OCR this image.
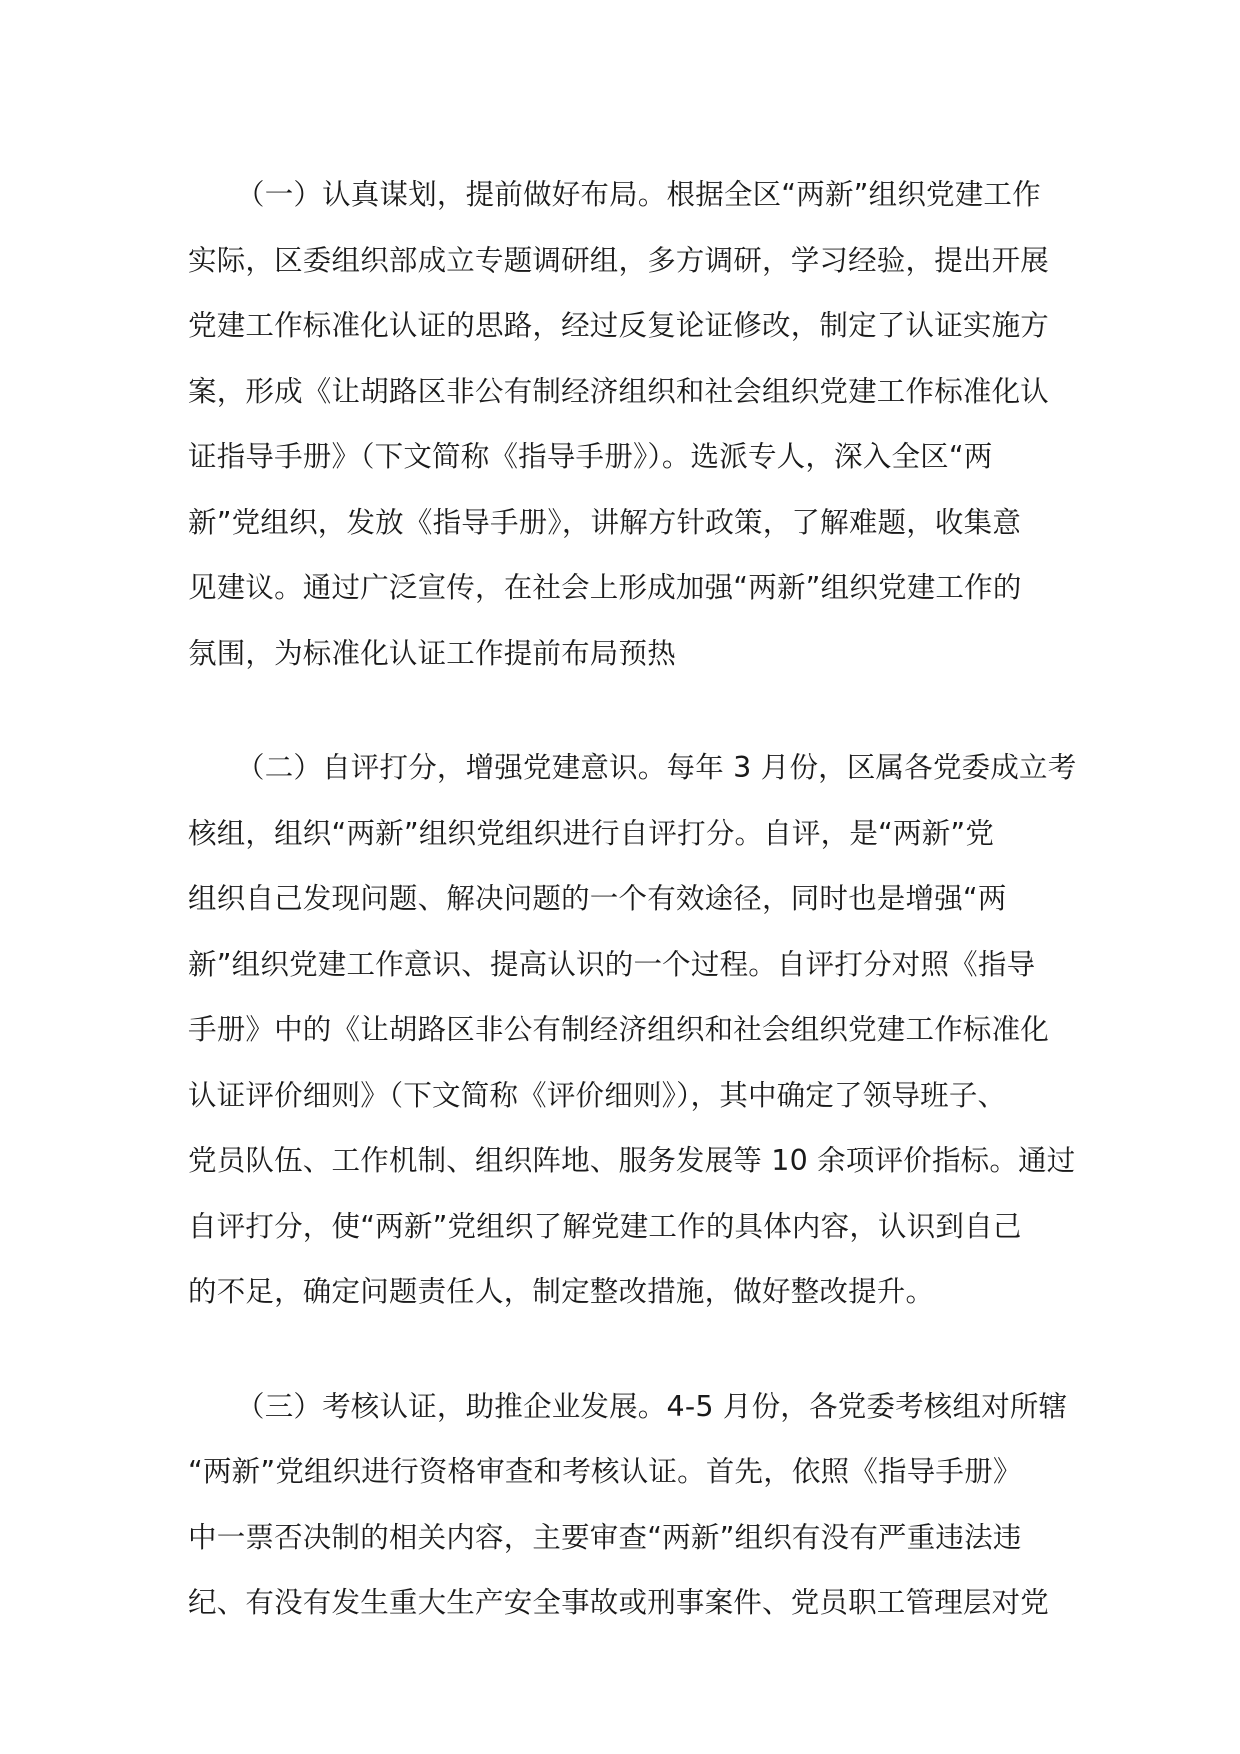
（一）认真谋划，提前做好布局。根据全区“两新”组织党建工作
实际，区委组织部成立专题调研组，多方调研，学习经验，提出开展
党建工作标准化认证的思路，经过反复论证修改，制定了认证实施方
案，形成《让胡路区非公有制经济组织和社会组织党建工作标准化认
证指导手册》（下文简称《指导手册》）。选派专人，深入全区“两
新”党组织，发放《指导手册》，讲解方针政策，了解难题，收集意
见建议。通过广泛宣传，在社会上形成加强“两新”组织党建工作的
氛围，为标准化认证工作提前布局预热
（二）自评打分，增强党建意识。每年 3 月份，区属各党委成立考
核组，组织“两新”组织党组织进行自评打分。自评，是“两新”党
组织自己发现问题、解决问题的一个有效途径，同时也是增强“两
新”组织党建工作意识、提高认识的一个过程。自评打分对照《指导
手册》中的《让胡路区非公有制经济组织和社会组织党建工作标准化
认证评价细则》（下文简称《评价细则》），其中确定了领导班子、
党员队伍、工作机制、组织阵地、服务发展等 10 余项评价指标。通过
自评打分，使“两新”党组织了解党建工作的具体内容，认识到自己
的不足，确定问题责任人，制定整改措施，做好整改提升。
（三）考核认证，助推企业发展。4-5 月份，各党委考核组对所辖
“两新”党组织进行资格审查和考核认证。首先，依照《指导手册》
中一票否决制的相关内容，主要审查“两新”组织有没有严重违法违
纪、有没有发生重大生产安全事故或刑事案件、党员职工管理层对党
